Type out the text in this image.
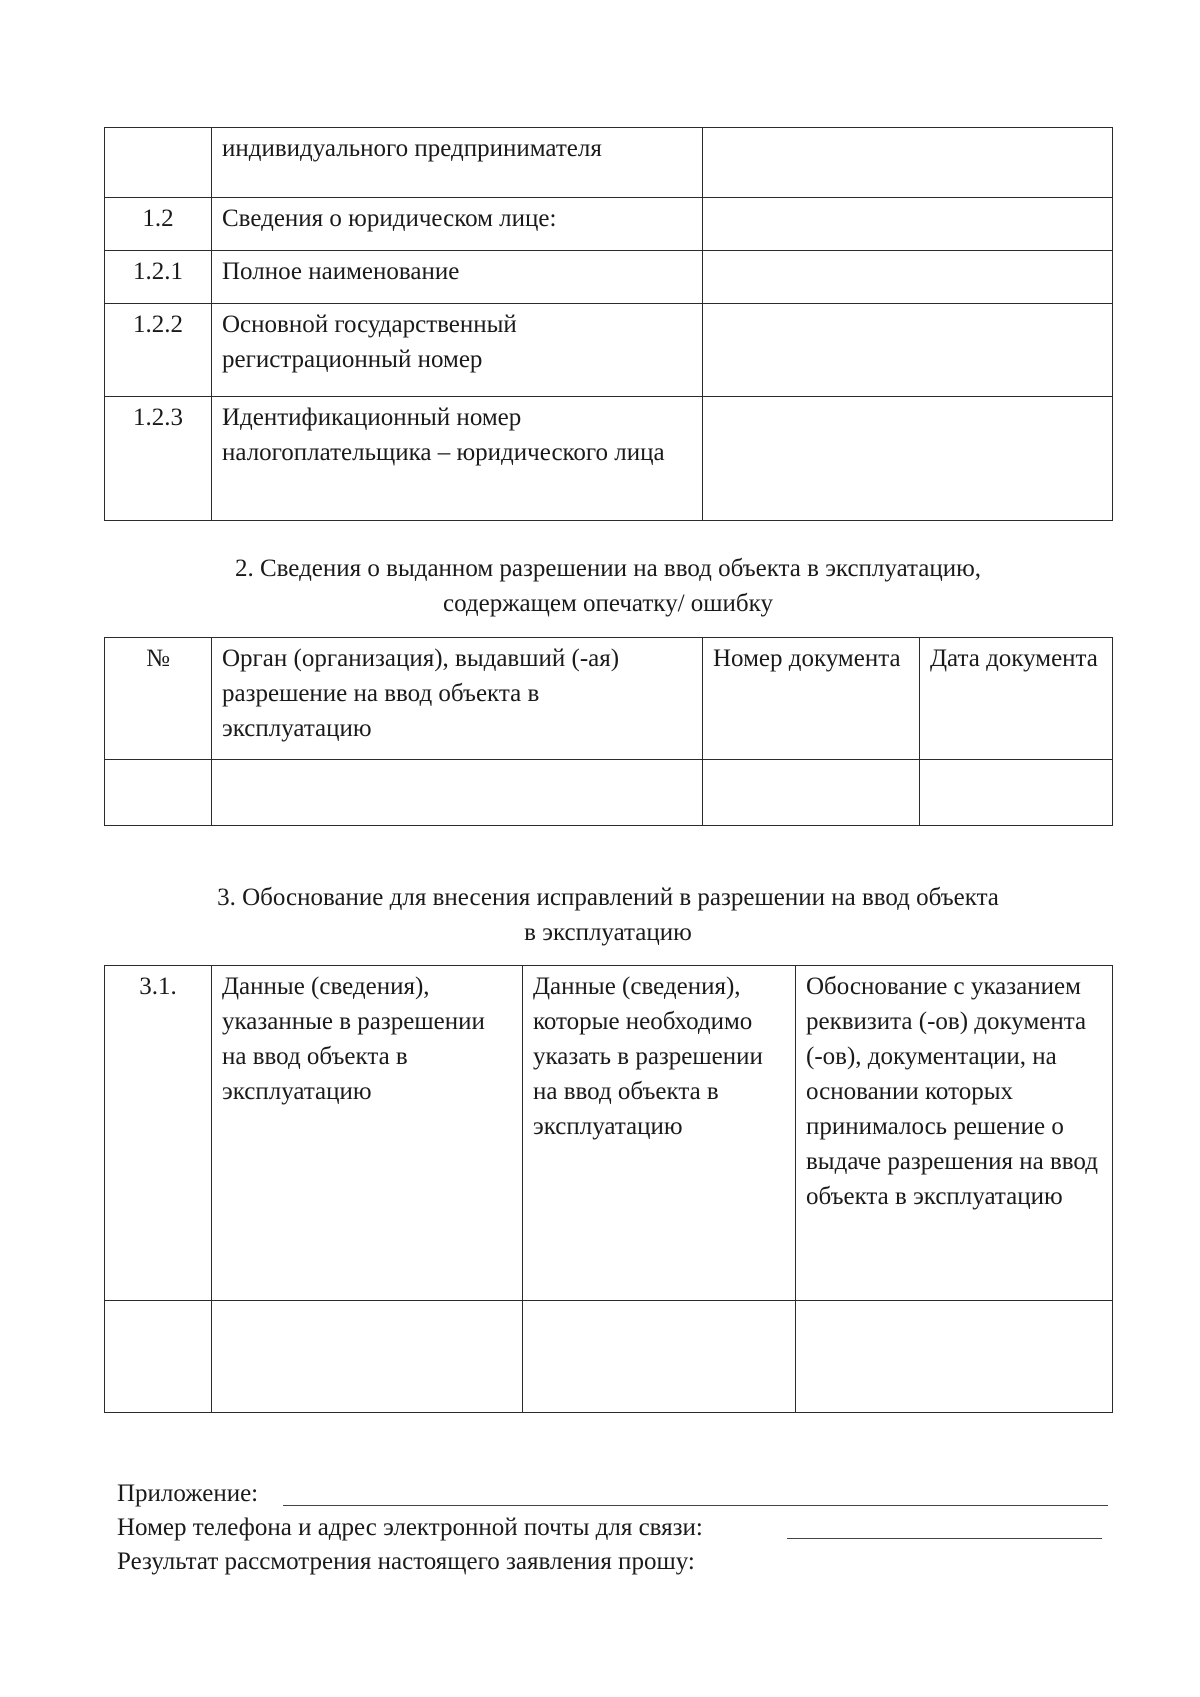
	индивидуального предпринимателя	
1.2	Сведения о юридическом лице:	
1.2.1	Полное наименование	
1.2.2	Основной государственный регистрационный номер	
1.2.3	Идентификационный номер налогоплательщика – юридического лица	
2. Сведения о выданном разрешении на ввод объекта в эксплуатацию,
содержащем опечатку/ ошибку
№	Орган (организация), выдавший (-ая) разрешение на ввод объекта в эксплуатацию	Номер документа	Дата документа

3. Обоснование для внесения исправлений в разрешении на ввод объекта
в эксплуатацию
3.1.	Данные (сведения), указанные в разрешении на ввод объекта в эксплуатацию	Данные (сведения), которые необходимо указать в разрешении на ввод объекта в эксплуатацию	Обоснование с указанием реквизита (-ов) документа (-ов), документации, на основании которых принималось решение о выдаче разрешения на ввод объекта в эксплуатацию

Приложение:
Номер телефона и адрес электронной почты для связи:
Результат рассмотрения настоящего заявления прошу:
